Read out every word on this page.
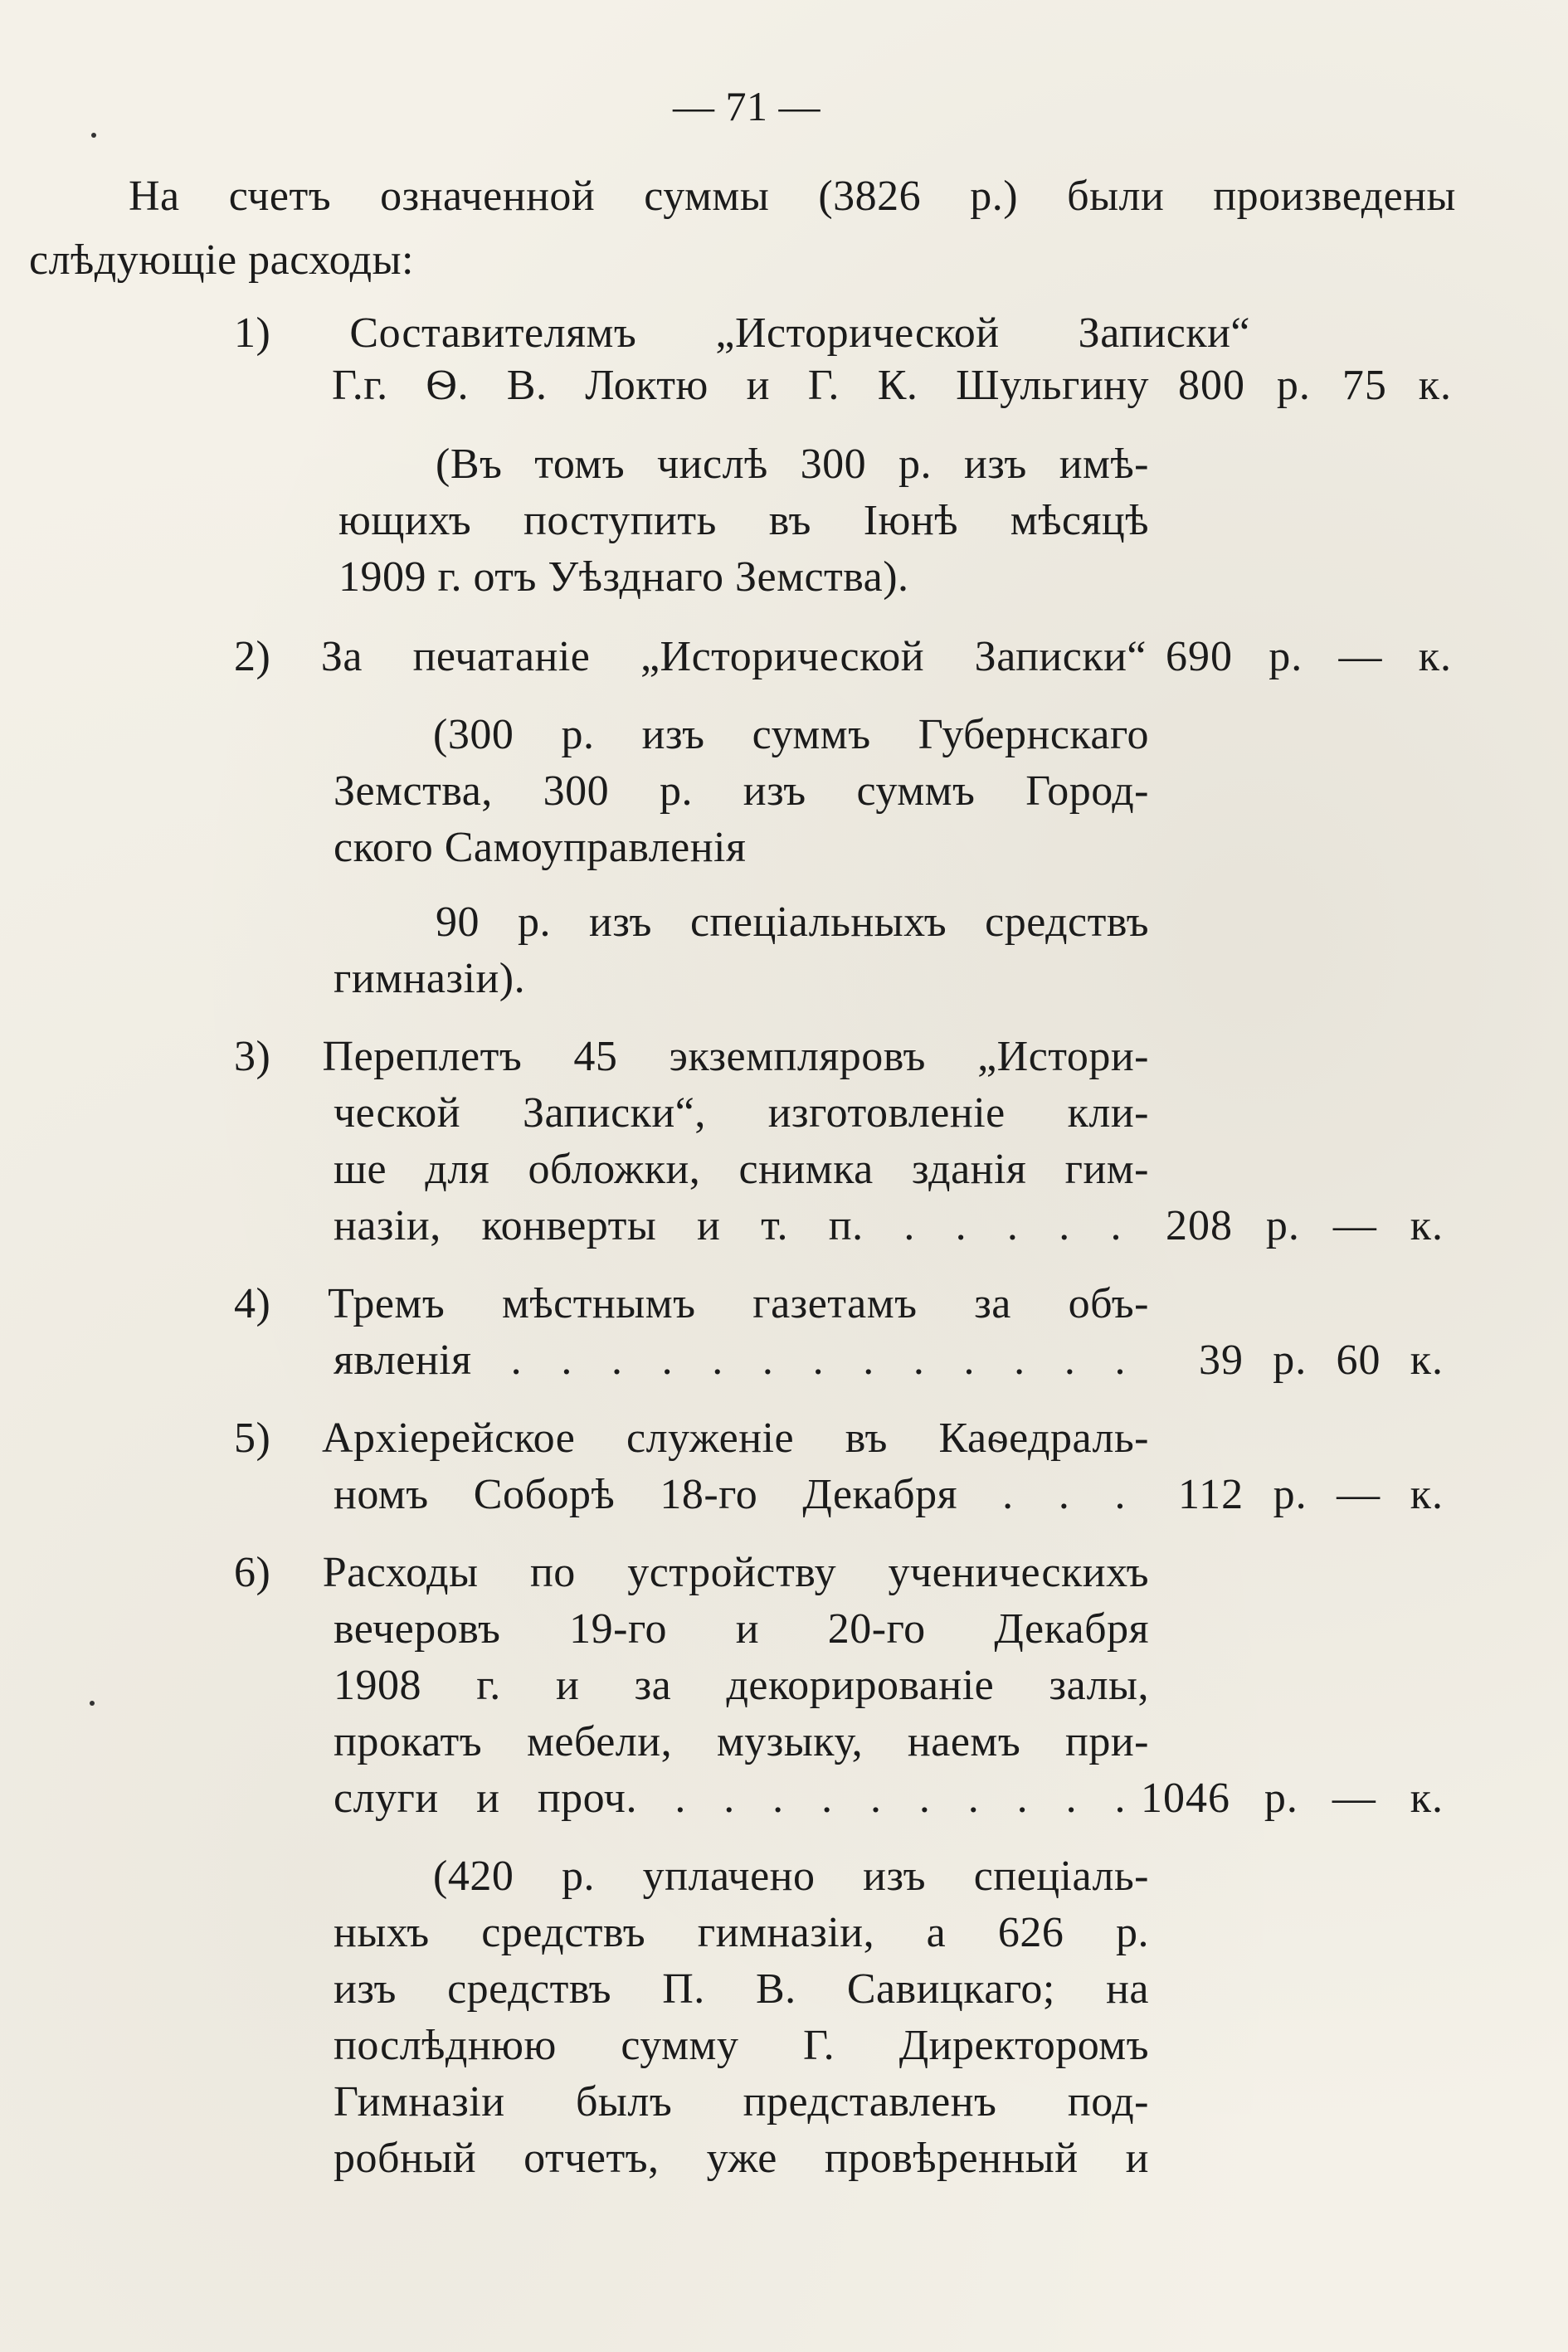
— 71 —
На счетъ означенной суммы (3826 р.) были произведены
слѣдующіе расходы:
1) Составителямъ „Исторической Записки“
Г.г. Ѳ. В. Локтю и Г. К. Шульгину 800 р. 75 к.
(Въ томъ числѣ 300 р. изъ имѣ-
ющихъ поступить въ Іюнѣ мѣсяцѣ
1909 г. отъ Уѣзднаго Земства).
2) За печатаніе „Исторической Записки“ 690 р. — к.
(300 р. изъ суммъ Губернскаго
Земства, 300 р. изъ суммъ Город-
ского Самоуправленія
90 р. изъ спеціальныхъ средствъ
гимназіи).
3) Переплетъ 45 экземпляровъ „Истори-
ческой Записки“, изготовленіе кли-
ше для обложки, снимка зданія гим-
назіи, конверты и т. п. . . . . . 208 р. — к.
4) Тремъ мѣстнымъ газетамъ за объ-
явленія . . . . . . . . . . . . . 39 р. 60 к.
5) Архіерейское служеніе въ Каѳедраль-
номъ Соборѣ 18-го Декабря . . . 112 р. — к.
6) Расходы по устройству ученическихъ
вечеровъ 19-го и 20-го Декабря
1908 г. и за декорированіе залы,
прокатъ мебели, музыку, наемъ при-
слуги и проч. . . . . . . . . . . 1046 р. — к.
(420 р. уплачено изъ спеціаль-
ныхъ средствъ гимназіи, а 626 р.
изъ средствъ П. В. Савицкаго; на
послѣднюю сумму Г. Директоромъ
Гимназіи былъ представленъ под-
робный отчетъ, уже провѣренный и
